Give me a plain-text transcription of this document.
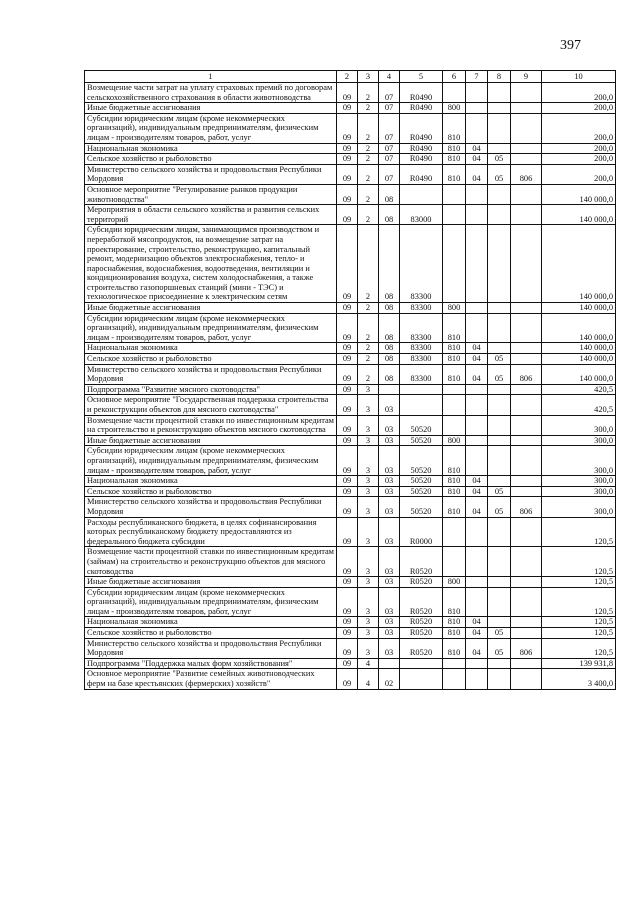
397
1	2	3	4	5	6	7	8	9	10
Возмещение части затрат на уплату страховых премий по договорам сельскохозяйственного страхования в области животноводства	09	2	07	R0490					200,0
Иные бюджетные ассигнования	09	2	07	R0490	800				200,0
Субсидии юридическим лицам (кроме некоммерческих организаций), индивидуальным предпринимателям, физическим лицам - производителям товаров, работ, услуг	09	2	07	R0490	810				200,0
Национальная экономика	09	2	07	R0490	810	04			200,0
Сельское хозяйство и рыболовство	09	2	07	R0490	810	04	05		200,0
Министерство сельского хозяйства и продовольствия Республики Мордовия	09	2	07	R0490	810	04	05	806	200,0
Основное мероприятие "Регулирование рынков продукции животноводства"	09	2	08						140 000,0
Мероприятия в области сельского хозяйства и развития сельских территорий	09	2	08	83000					140 000,0
Субсидии юридическим лицам, занимающимся производством и переработкой мясопродуктов, на возмещение затрат на проектирование, строительство, реконструкцию, капитальный ремонт, модернизацию объектов электроснабжения, тепло- и пароснабжения, водоснабжения, водоотведения, вентиляции и кондиционирования воздуха, систем холодоснабжения, а также строительство газопоршневых станций (мини - ТЭС) и технологическое присоединение к электрическим сетям	09	2	08	83300					140 000,0
Иные бюджетные ассигнования	09	2	08	83300	800				140 000,0
Субсидии юридическим лицам (кроме некоммерческих организаций), индивидуальным предпринимателям, физическим лицам - производителям товаров, работ, услуг	09	2	08	83300	810				140 000,0
Национальная экономика	09	2	08	83300	810	04			140 000,0
Сельское хозяйство и рыболовство	09	2	08	83300	810	04	05		140 000,0
Министерство сельского хозяйства и продовольствия Республики Мордовия	09	2	08	83300	810	04	05	806	140 000,0
Подпрограмма "Развитие мясного скотоводства"	09	3							420,5
Основное мероприятие "Государственная поддержка строительства и реконструкции объектов для мясного скотоводства"	09	3	03						420,5
Возмещение части процентной ставки по инвестиционным кредитам на строительство и реконструкцию объектов мясного скотоводства	09	3	03	50520					300,0
Иные бюджетные ассигнования	09	3	03	50520	800				300,0
Субсидии юридическим лицам (кроме некоммерческих организаций), индивидуальным предпринимателям, физическим лицам - производителям товаров, работ, услуг	09	3	03	50520	810				300,0
Национальная экономика	09	3	03	50520	810	04			300,0
Сельское хозяйство и рыболовство	09	3	03	50520	810	04	05		300,0
Министерство сельского хозяйства и продовольствия Республики Мордовия	09	3	03	50520	810	04	05	806	300,0
Расходы республиканского бюджета, в целях софинансирования которых республиканскому бюджету предоставляются из федерального бюджета субсидии	09	3	03	R0000					120,5
Возмещение части процентной ставки по инвестиционным кредитам (займам) на строительство и реконструкцию объектов для мясного скотоводства	09	3	03	R0520					120,5
Иные бюджетные ассигнования	09	3	03	R0520	800				120,5
Субсидии юридическим лицам (кроме некоммерческих организаций), индивидуальным предпринимателям, физическим лицам - производителям товаров, работ, услуг	09	3	03	R0520	810				120,5
Национальная экономика	09	3	03	R0520	810	04			120,5
Сельское хозяйство и рыболовство	09	3	03	R0520	810	04	05		120,5
Министерство сельского хозяйства и продовольствия Республики Мордовия	09	3	03	R0520	810	04	05	806	120,5
Подпрограмма "Поддержка малых форм хозяйствования"	09	4							139 931,8
Основное мероприятие "Развитие семейных животноводческих ферм на базе крестьянских (фермерских) хозяйств"	09	4	02						3 400,0
